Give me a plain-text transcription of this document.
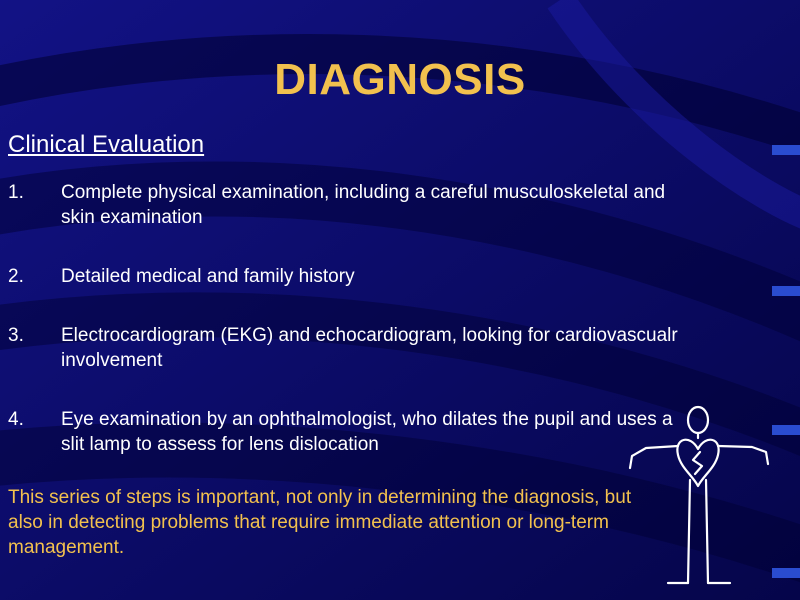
DIAGNOSIS
Clinical Evaluation
1. Complete physical examination, including a careful musculoskeletal and skin examination
2. Detailed medical and family history
3. Electrocardiogram (EKG) and echocardiogram, looking for cardiovascualr involvement
4. Eye examination by an ophthalmologist, who dilates the pupil and uses a slit lamp to assess for lens dislocation
This series of steps is important, not only in determining the diagnosis, but also in detecting problems that require immediate attention or long-term management.
